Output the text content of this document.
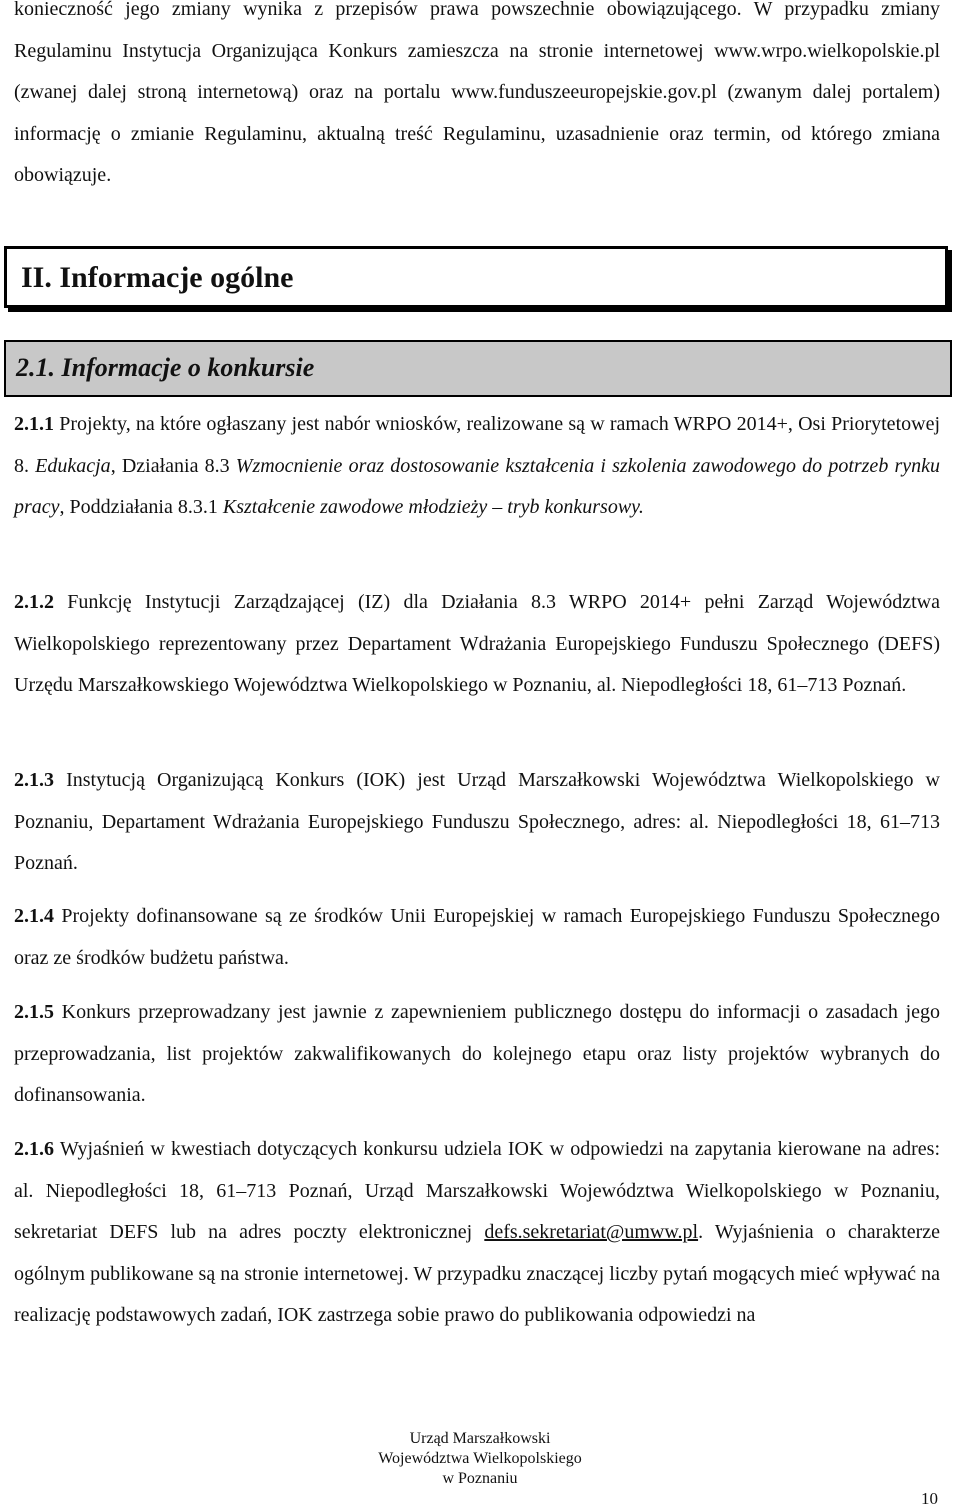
konieczność jego zmiany wynika z przepisów prawa powszechnie obowiązującego. W przypadku zmiany Regulaminu Instytucja Organizująca Konkurs zamieszcza na stronie internetowej www.wrpo.wielkopolskie.pl (zwanej dalej stroną internetową) oraz na portalu www.funduszeeuropejskie.gov.pl (zwanym dalej portalem) informację o zmianie Regulaminu, aktualną treść Regulaminu, uzasadnienie oraz termin, od którego zmiana obowiązuje.

II. Informacje ogólne
2.1. Informacje o konkursie

2.1.1 Projekty, na które ogłaszany jest nabór wniosków, realizowane są w ramach WRPO 2014+, Osi Priorytetowej 8. Edukacja, Działania 8.3 Wzmocnienie oraz dostosowanie kształcenia i szkolenia zawodowego do potrzeb rynku pracy, Poddziałania 8.3.1 Kształcenie zawodowe młodzieży – tryb konkursowy.

2.1.2 Funkcję Instytucji Zarządzającej (IZ) dla Działania 8.3 WRPO 2014+ pełni Zarząd Województwa Wielkopolskiego reprezentowany przez Departament Wdrażania Europejskiego Funduszu Społecznego (DEFS) Urzędu Marszałkowskiego Województwa Wielkopolskiego w Poznaniu, al. Niepodległości 18, 61–713 Poznań.

2.1.3 Instytucją Organizującą Konkurs (IOK) jest Urząd Marszałkowski Województwa Wielkopolskiego w Poznaniu, Departament Wdrażania Europejskiego Funduszu Społecznego, adres: al. Niepodległości 18, 61–713 Poznań.

2.1.4 Projekty dofinansowane są ze środków Unii Europejskiej w ramach Europejskiego Funduszu Społecznego oraz ze środków budżetu państwa.

2.1.5 Konkurs przeprowadzany jest jawnie z zapewnieniem publicznego dostępu do informacji o zasadach jego przeprowadzania, list projektów zakwalifikowanych do kolejnego etapu oraz listy projektów wybranych do dofinansowania.

2.1.6 Wyjaśnień w kwestiach dotyczących konkursu udziela IOK w odpowiedzi na zapytania kierowane na adres: al. Niepodległości 18, 61–713 Poznań, Urząd Marszałkowski Województwa Wielkopolskiego w Poznaniu, sekretariat DEFS lub na adres poczty elektronicznej defs.sekretariat@umww.pl. Wyjaśnienia o charakterze ogólnym publikowane są na stronie internetowej. W przypadku znaczącej liczby pytań mogących mieć wpływać na realizację podstawowych zadań, IOK zastrzega sobie prawo do publikowania odpowiedzi na

Urząd Marszałkowski
Województwa Wielkopolskiego
w Poznaniu
10
